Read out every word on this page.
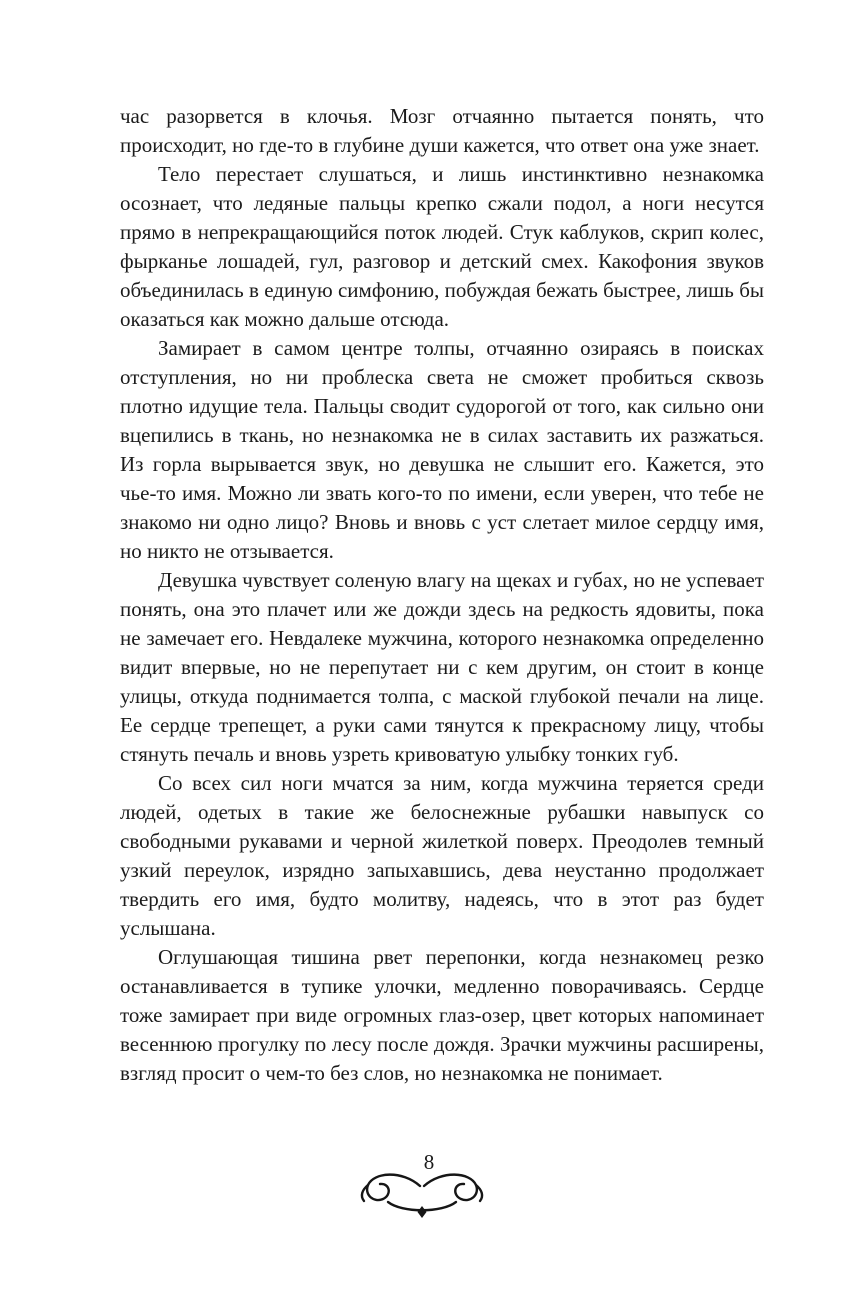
час разорвется в клочья. Мозг отчаянно пытается понять, что происходит, но где-то в глубине души кажется, что ответ она уже знает.

Тело перестает слушаться, и лишь инстинктивно незнакомка осознает, что ледяные пальцы крепко сжали подол, а ноги несутся прямо в непрекращающийся поток людей. Стук каблуков, скрип колес, фырканье лошадей, гул, разговор и детский смех. Какофония звуков объединилась в единую симфонию, побуждая бежать быстрее, лишь бы оказаться как можно дальше отсюда.

Замирает в самом центре толпы, отчаянно озираясь в поисках отступления, но ни проблеска света не сможет пробиться сквозь плотно идущие тела. Пальцы сводит судорогой от того, как сильно они вцепились в ткань, но незнакомка не в силах заставить их разжаться. Из горла вырывается звук, но девушка не слышит его. Кажется, это чье-то имя. Можно ли звать кого-то по имени, если уверен, что тебе не знакомо ни одно лицо? Вновь и вновь с уст слетает милое сердцу имя, но никто не отзывается.

Девушка чувствует соленую влагу на щеках и губах, но не успевает понять, она это плачет или же дожди здесь на редкость ядовиты, пока не замечает его. Невдалеке мужчина, которого незнакомка определенно видит впервые, но не перепутает ни с кем другим, он стоит в конце улицы, откуда поднимается толпа, с маской глубокой печали на лице. Ее сердце трепещет, а руки сами тянутся к прекрасному лицу, чтобы стянуть печаль и вновь узреть кривоватую улыбку тонких губ.

Со всех сил ноги мчатся за ним, когда мужчина теряется среди людей, одетых в такие же белоснежные рубашки навыпуск со свободными рукавами и черной жилеткой поверх. Преодолев темный узкий переулок, изрядно запыхавшись, дева неустанно продолжает твердить его имя, будто молитву, надеясь, что в этот раз будет услышана.

Оглушающая тишина рвет перепонки, когда незнакомец резко останавливается в тупике улочки, медленно поворачиваясь. Сердце тоже замирает при виде огромных глаз-озер, цвет которых напоминает весеннюю прогулку по лесу после дождя. Зрачки мужчины расширены, взгляд просит о чем-то без слов, но незнакомка не понимает.

8
